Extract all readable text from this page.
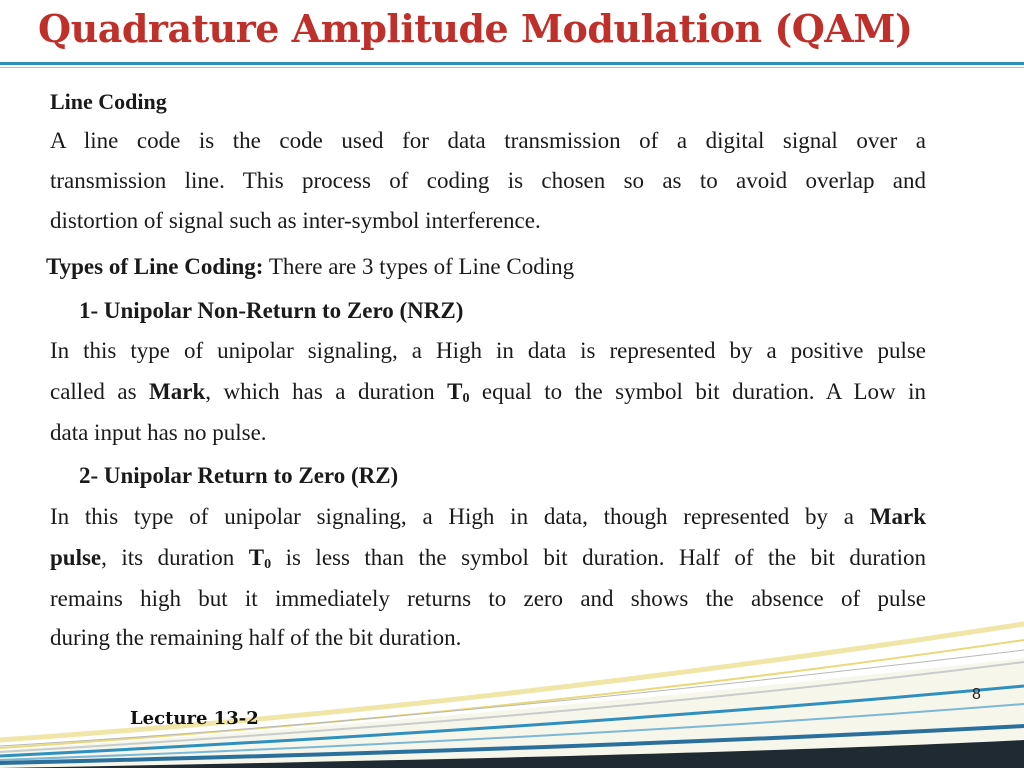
Quadrature Amplitude Modulation (QAM)
Line Coding
A line code is the code used for data transmission of a digital signal over a
transmission line. This process of coding is chosen so as to avoid overlap and
distortion of signal such as inter-symbol interference.
Types of Line Coding: There are 3 types of Line Coding
1- Unipolar Non-Return to Zero (NRZ)
In this type of unipolar signaling, a High in data is represented by a positive pulse
called as Mark, which has a duration $T_0$ equal to the symbol bit duration. A Low in
data input has no pulse.
2- Unipolar Return to Zero (RZ)
In this type of unipolar signaling, a High in data, though represented by a Mark
pulse, its duration $T_0$ is less than the symbol bit duration. Half of the bit duration
remains high but it immediately returns to zero and shows the absence of pulse
during the remaining half of the bit duration.
8
Lecture 13-2
